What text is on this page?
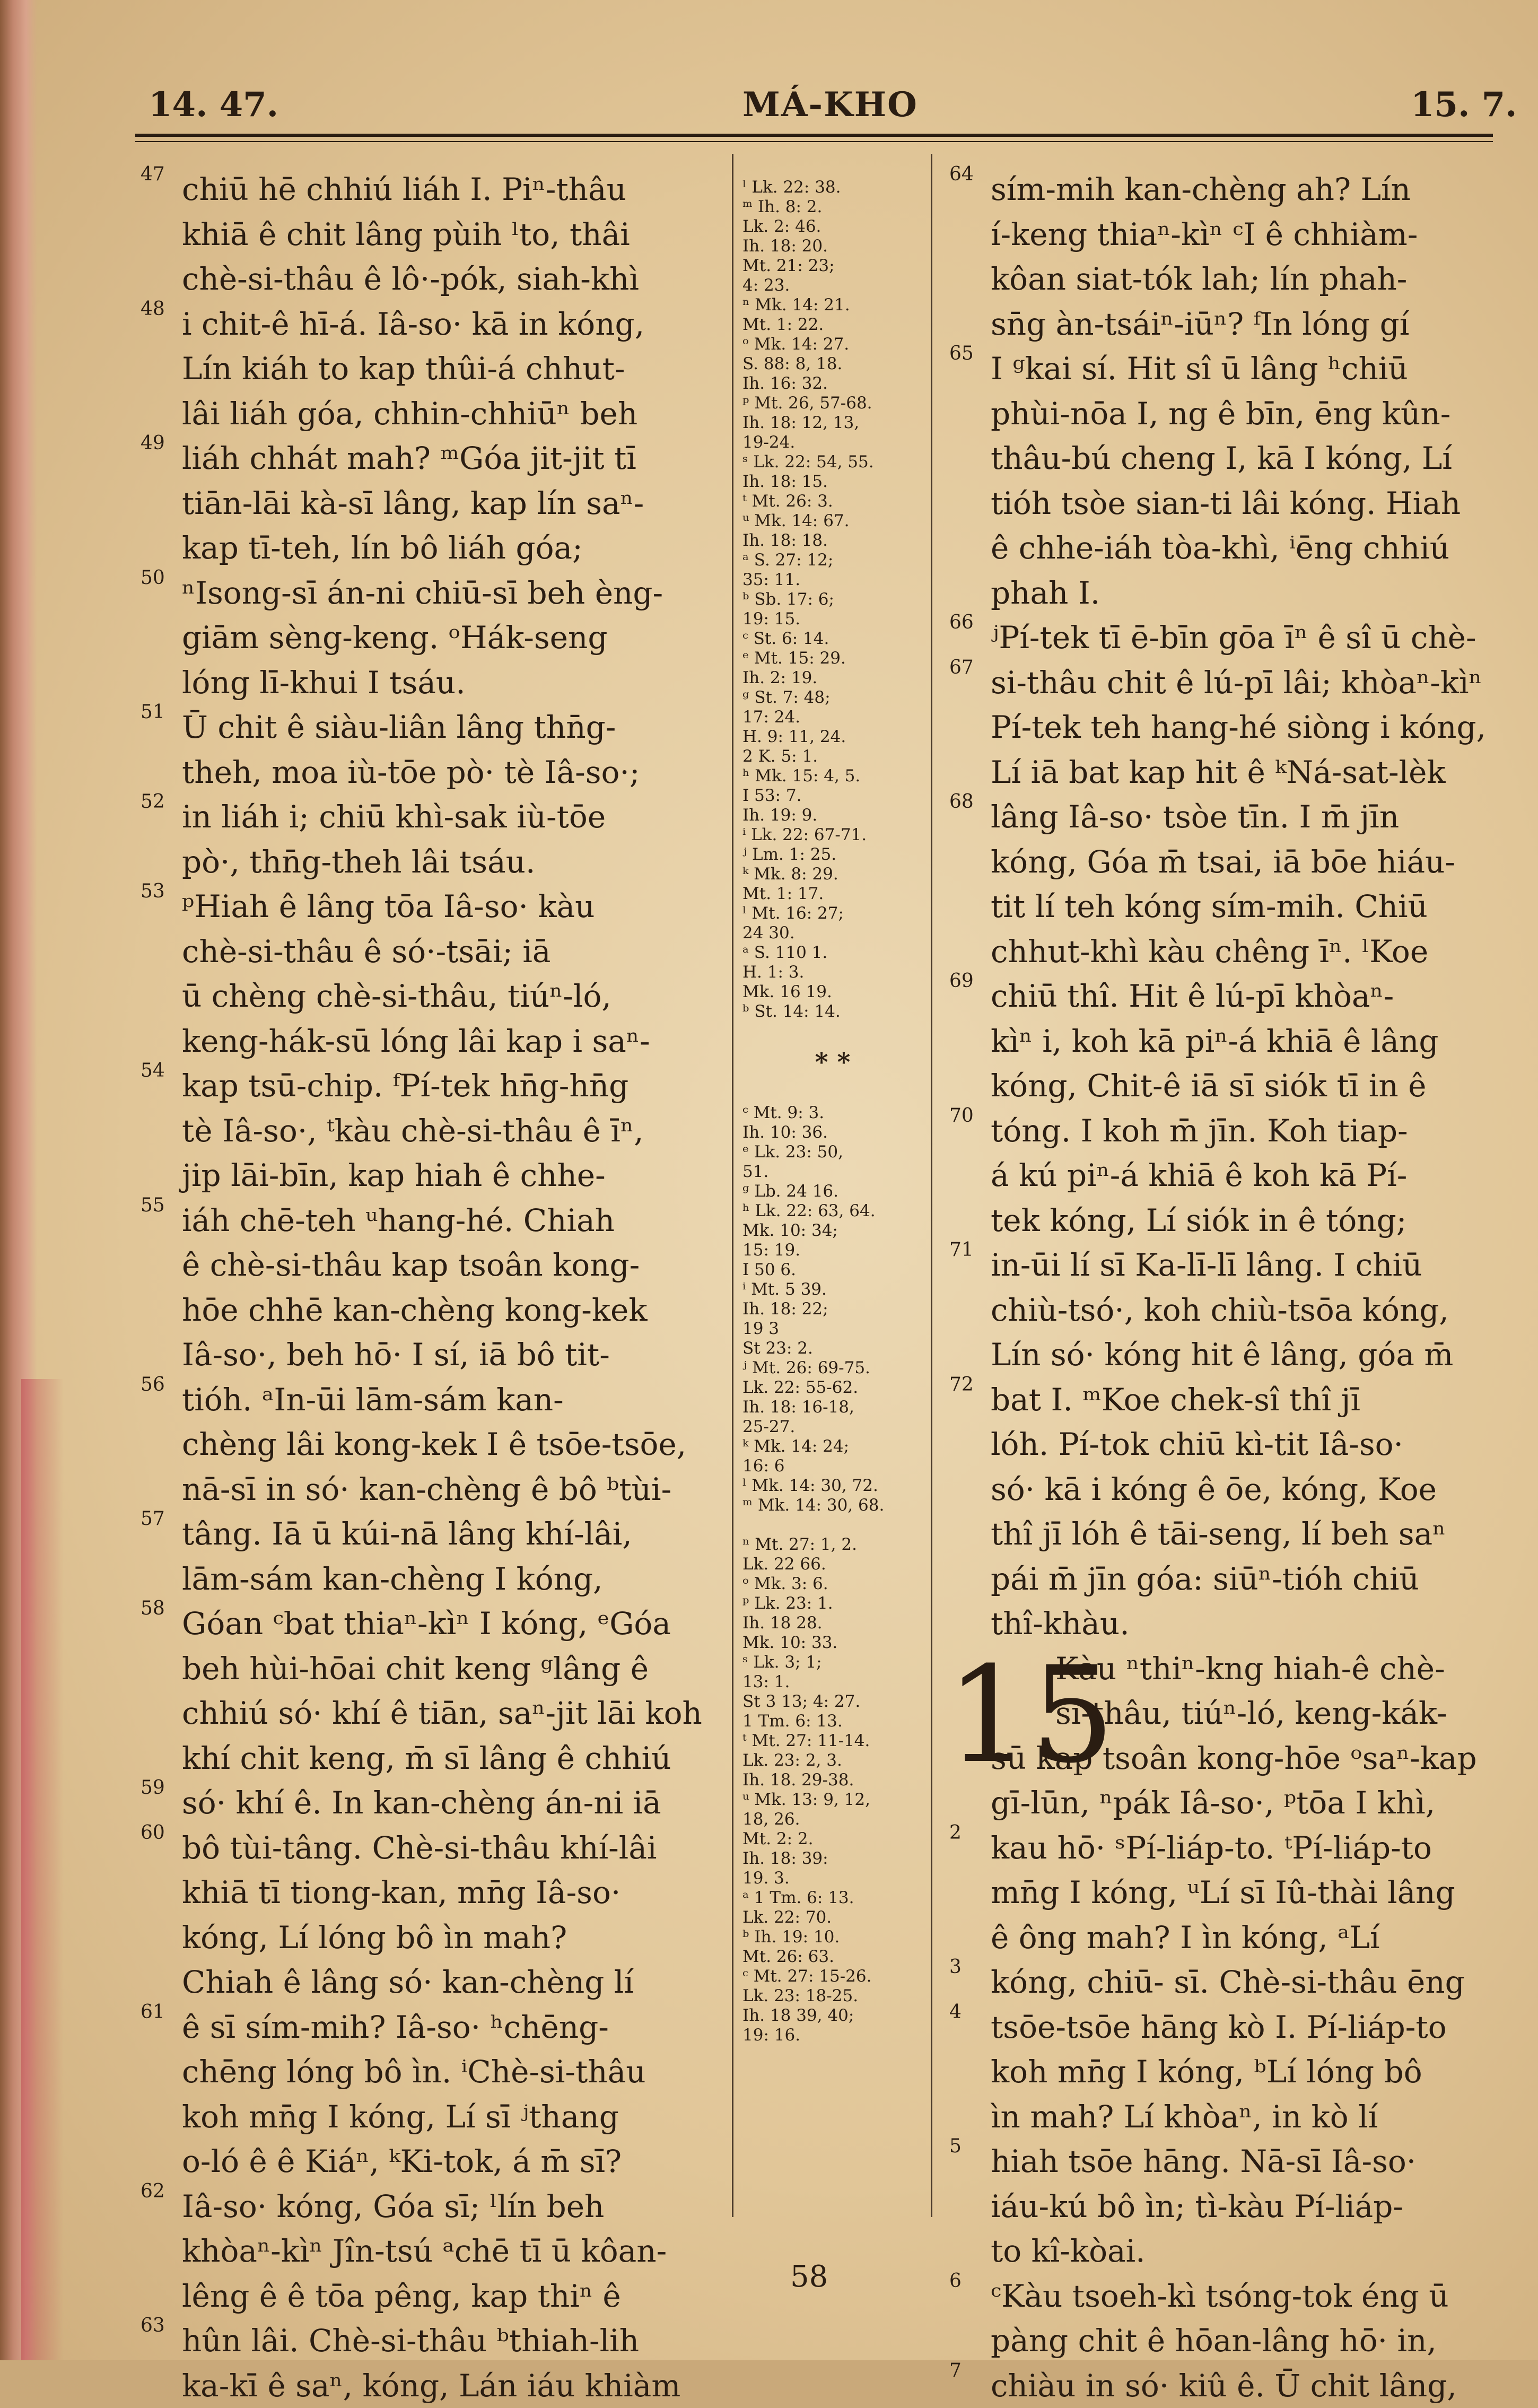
14. 47.	MÁ-KHO	15. 7.
47 chiū hē chhiú liáh I. Piⁿ-thâu
khiā ê chit lâng pùih ˡto, thâi
chè-si-thâu ê lô·-pók, siah-khì
48 i chit-ê hī-á. Iâ-so· kā in kóng,
Lín kiáh to kap thûi-á chhut-
lâi liáh góa, chhin-chhiūⁿ beh
49 liáh chhát mah? ᵐGóa jit-jit tī
tiān-lāi kà-sī lâng, kap lín saⁿ-
kap tī-teh, lín bô liáh góa;
50 ⁿIsong-sī án-ni chiū-sī beh èng-
giām sèng-keng. ᵒHák-seng
lóng lī-khui I tsáu.
51 Ū chit ê siàu-liân lâng thn̄g-
theh, moa iù-tōe pò· tè Iâ-so·;
52 in liáh i; chiū khì-sak iù-tōe
pò·, thn̄g-theh lâi tsáu.
53 ᵖHiah ê lâng tōa Iâ-so· kàu
chè-si-thâu ê só·-tsāi; iā
ū chèng chè-si-thâu, tiúⁿ-ló,
keng-hák-sū lóng lâi kap i saⁿ-
54 kap tsū-chip. ᶠPí-tek hn̄g-hn̄g
tè Iâ-so·, ᵗkàu chè-si-thâu ê īⁿ,
jip lāi-bīn, kap hiah ê chhe-
55 iáh chē-teh ᵘhang-hé. Chiah
ê chè-si-thâu kap tsoân kong-
hōe chhē kan-chèng kong-kek
Iâ-so·, beh hō· I sí, iā bô tit-
56 tióh. ᵃIn-ūi lām-sám kan-
chèng lâi kong-kek I ê tsōe-tsōe,
nā-sī in só· kan-chèng ê bô ᵇtùi-
57 tâng. Iā ū kúi-nā lâng khí-lâi,
lām-sám kan-chèng I kóng,
58 Góan ᶜbat thiaⁿ-kìⁿ I kóng, ᵉGóa
beh hùi-hōai chit keng ᵍlâng ê
chhiú só· khí ê tiān, saⁿ-jit lāi koh
khí chit keng, m̄ sī lâng ê chhiú
59 só· khí ê. In kan-chèng án-ni iā
60 bô tùi-tâng. Chè-si-thâu khí-lâi
khiā tī tiong-kan, mn̄g Iâ-so·
kóng, Lí lóng bô ìn mah?
Chiah ê lâng só· kan-chèng lí
61 ê sī sím-mih? Iâ-so· ʰchēng-
chēng lóng bô ìn. ⁱChè-si-thâu
koh mn̄g I kóng, Lí sī ʲthang
o-ló ê ê Kiáⁿ, ᵏKi-tok, á m̄ sī?
62 Iâ-so· kóng, Góa sī; ˡlín beh
khòaⁿ-kìⁿ Jîn-tsú ᵃchē tī ū kôan-
lêng ê ê tōa pêng, kap thiⁿ ê
63 hûn lâi. Chè-si-thâu ᵇthiah-lih
ka-kī ê saⁿ, kóng, Lán iáu khiàm
ˡ Lk. 22: 38.
ᵐ Ih. 8: 2.
Lk. 2: 46.
Ih. 18: 20.
Mt. 21: 23;
4: 23.
ⁿ Mk. 14: 21.
Mt. 1: 22.
ᵒ Mk. 14: 27.
S. 88: 8, 18.
Ih. 16: 32.
ᵖ Mt. 26, 57-68.
Ih. 18: 12, 13,
19-24.
ˢ Lk. 22: 54, 55.
Ih. 18: 15.
ᵗ Mt. 26: 3.
ᵘ Mk. 14: 67.
Ih. 18: 18.
ᵃ S. 27: 12;
35: 11.
ᵇ Sb. 17: 6;
19: 15.
ᶜ St. 6: 14.
ᵉ Mt. 15: 29.
Ih. 2: 19.
ᵍ St. 7: 48;
17: 24.
H. 9: 11, 24.
2 K. 5: 1.
ʰ Mk. 15: 4, 5.
I 53: 7.
Ih. 19: 9.
ⁱ Lk. 22: 67-71.
ʲ Lm. 1: 25.
ᵏ Mk. 8: 29.
Mt. 1: 17.
ˡ Mt. 16: 27;
24 30.
ᵃ S. 110 1.
H. 1: 3.
Mk. 16 19.
ᵇ St. 14: 14.

* *

ᶜ Mt. 9: 3.
Ih. 10: 36.
ᵉ Lk. 23: 50,
51.
ᵍ Lb. 24 16.
ʰ Lk. 22: 63, 64.
Mk. 10: 34;
15: 19.
I 50 6.
ⁱ Mt. 5 39.
Ih. 18: 22;
19 3
St 23: 2.
ʲ Mt. 26: 69-75.
Lk. 22: 55-62.
Ih. 18: 16-18,
25-27.
ᵏ Mk. 14: 24;
16: 6
ˡ Mk. 14: 30, 72.
ᵐ Mk. 14: 30, 68.

ⁿ Mt. 27: 1, 2.
Lk. 22 66.
ᵒ Mk. 3: 6.
ᵖ Lk. 23: 1.
Ih. 18 28.
Mk. 10: 33.
ˢ Lk. 3; 1;
13: 1.
St 3 13; 4: 27.
1 Tm. 6: 13.
ᵗ Mt. 27: 11-14.
Lk. 23: 2, 3.
Ih. 18. 29-38.
ᵘ Mk. 13: 9, 12,
18, 26.
Mt. 2: 2.
Ih. 18: 39:
19. 3.
ᵃ 1 Tm. 6: 13.
Lk. 22: 70.
ᵇ Ih. 19: 10.
Mt. 26: 63.
ᶜ Mt. 27: 15-26.
Lk. 23: 18-25.
Ih. 18 39, 40;
19: 16.
64 sím-mih kan-chèng ah? Lín
í-keng thiaⁿ-kìⁿ ᶜI ê chhiàm-
kôan siat-tók lah; lín phah-
sn̄g àn-tsáiⁿ-iūⁿ? ᶠIn lóng gí
65 I ᵍkai sí. Hit sî ū lâng ʰchiū
phùi-nōa I, ng ê bīn, ēng kûn-
thâu-bú cheng I, kā I kóng, Lí
tióh tsòe sian-ti lâi kóng. Hiah
ê chhe-iáh tòa-khì, ⁱēng chhiú
phah I.
66 ʲPí-tek tī ē-bīn gōa īⁿ ê sî ū chè-
67 si-thâu chit ê lú-pī lâi; khòaⁿ-kìⁿ
Pí-tek teh hang-hé siòng i kóng,
Lí iā bat kap hit ê ᵏNá-sat-lèk
68 lâng Iâ-so· tsòe tīn. I m̄ jīn
kóng, Góa m̄ tsai, iā bōe hiáu-
tit lí teh kóng sím-mih. Chiū
chhut-khì kàu chêng īⁿ. ˡKoe
69 chiū thî. Hit ê lú-pī khòaⁿ-
kìⁿ i, koh kā piⁿ-á khiā ê lâng
kóng, Chit-ê iā sī siók tī in ê
70 tóng. I koh m̄ jīn. Koh tiap-
á kú piⁿ-á khiā ê koh kā Pí-
tek kóng, Lí siók in ê tóng;
71 in-ūi lí sī Ka-lī-lī lâng. I chiū
chiù-tsó·, koh chiù-tsōa kóng,
Lín só· kóng hit ê lâng, góa m̄
72 bat I. ᵐKoe chek-sî thî jī
lóh. Pí-tok chiū kì-tit Iâ-so·
só· kā i kóng ê ōe, kóng, Koe
thî jī lóh ê tāi-seng, lí beh saⁿ
pái m̄ jīn góa: siūⁿ-tióh chiū
thî-khàu.
15
Kàu ⁿthiⁿ-kng hiah-ê chè-
si-thâu, tiúⁿ-ló, keng-kák-
sū kap tsoân kong-hōe ᵒsaⁿ-kap
gī-lūn, ⁿpák Iâ-so·, ᵖtōa I khì,
2 kau hō· ˢPí-liáp-to. ᵗPí-liáp-to
mn̄g I kóng, ᵘLí sī Iû-thài lâng
ê ông mah? I ìn kóng, ᵃLí
3 kóng, chiū- sī. Chè-si-thâu ēng
4 tsōe-tsōe hāng kò I. Pí-liáp-to
koh mn̄g I kóng, ᵇLí lóng bô
ìn mah? Lí khòaⁿ, in kò lí
5 hiah tsōe hāng. Nā-sī Iâ-so·
iáu-kú bô ìn; tì-kàu Pí-liáp-
to kî-kòai.
6 ᶜKàu tsoeh-kì tsóng-tok éng ū
pàng chit ê hōan-lâng hō· in,
7 chiàu in só· kiû ê. Ū chit lâng,
58
